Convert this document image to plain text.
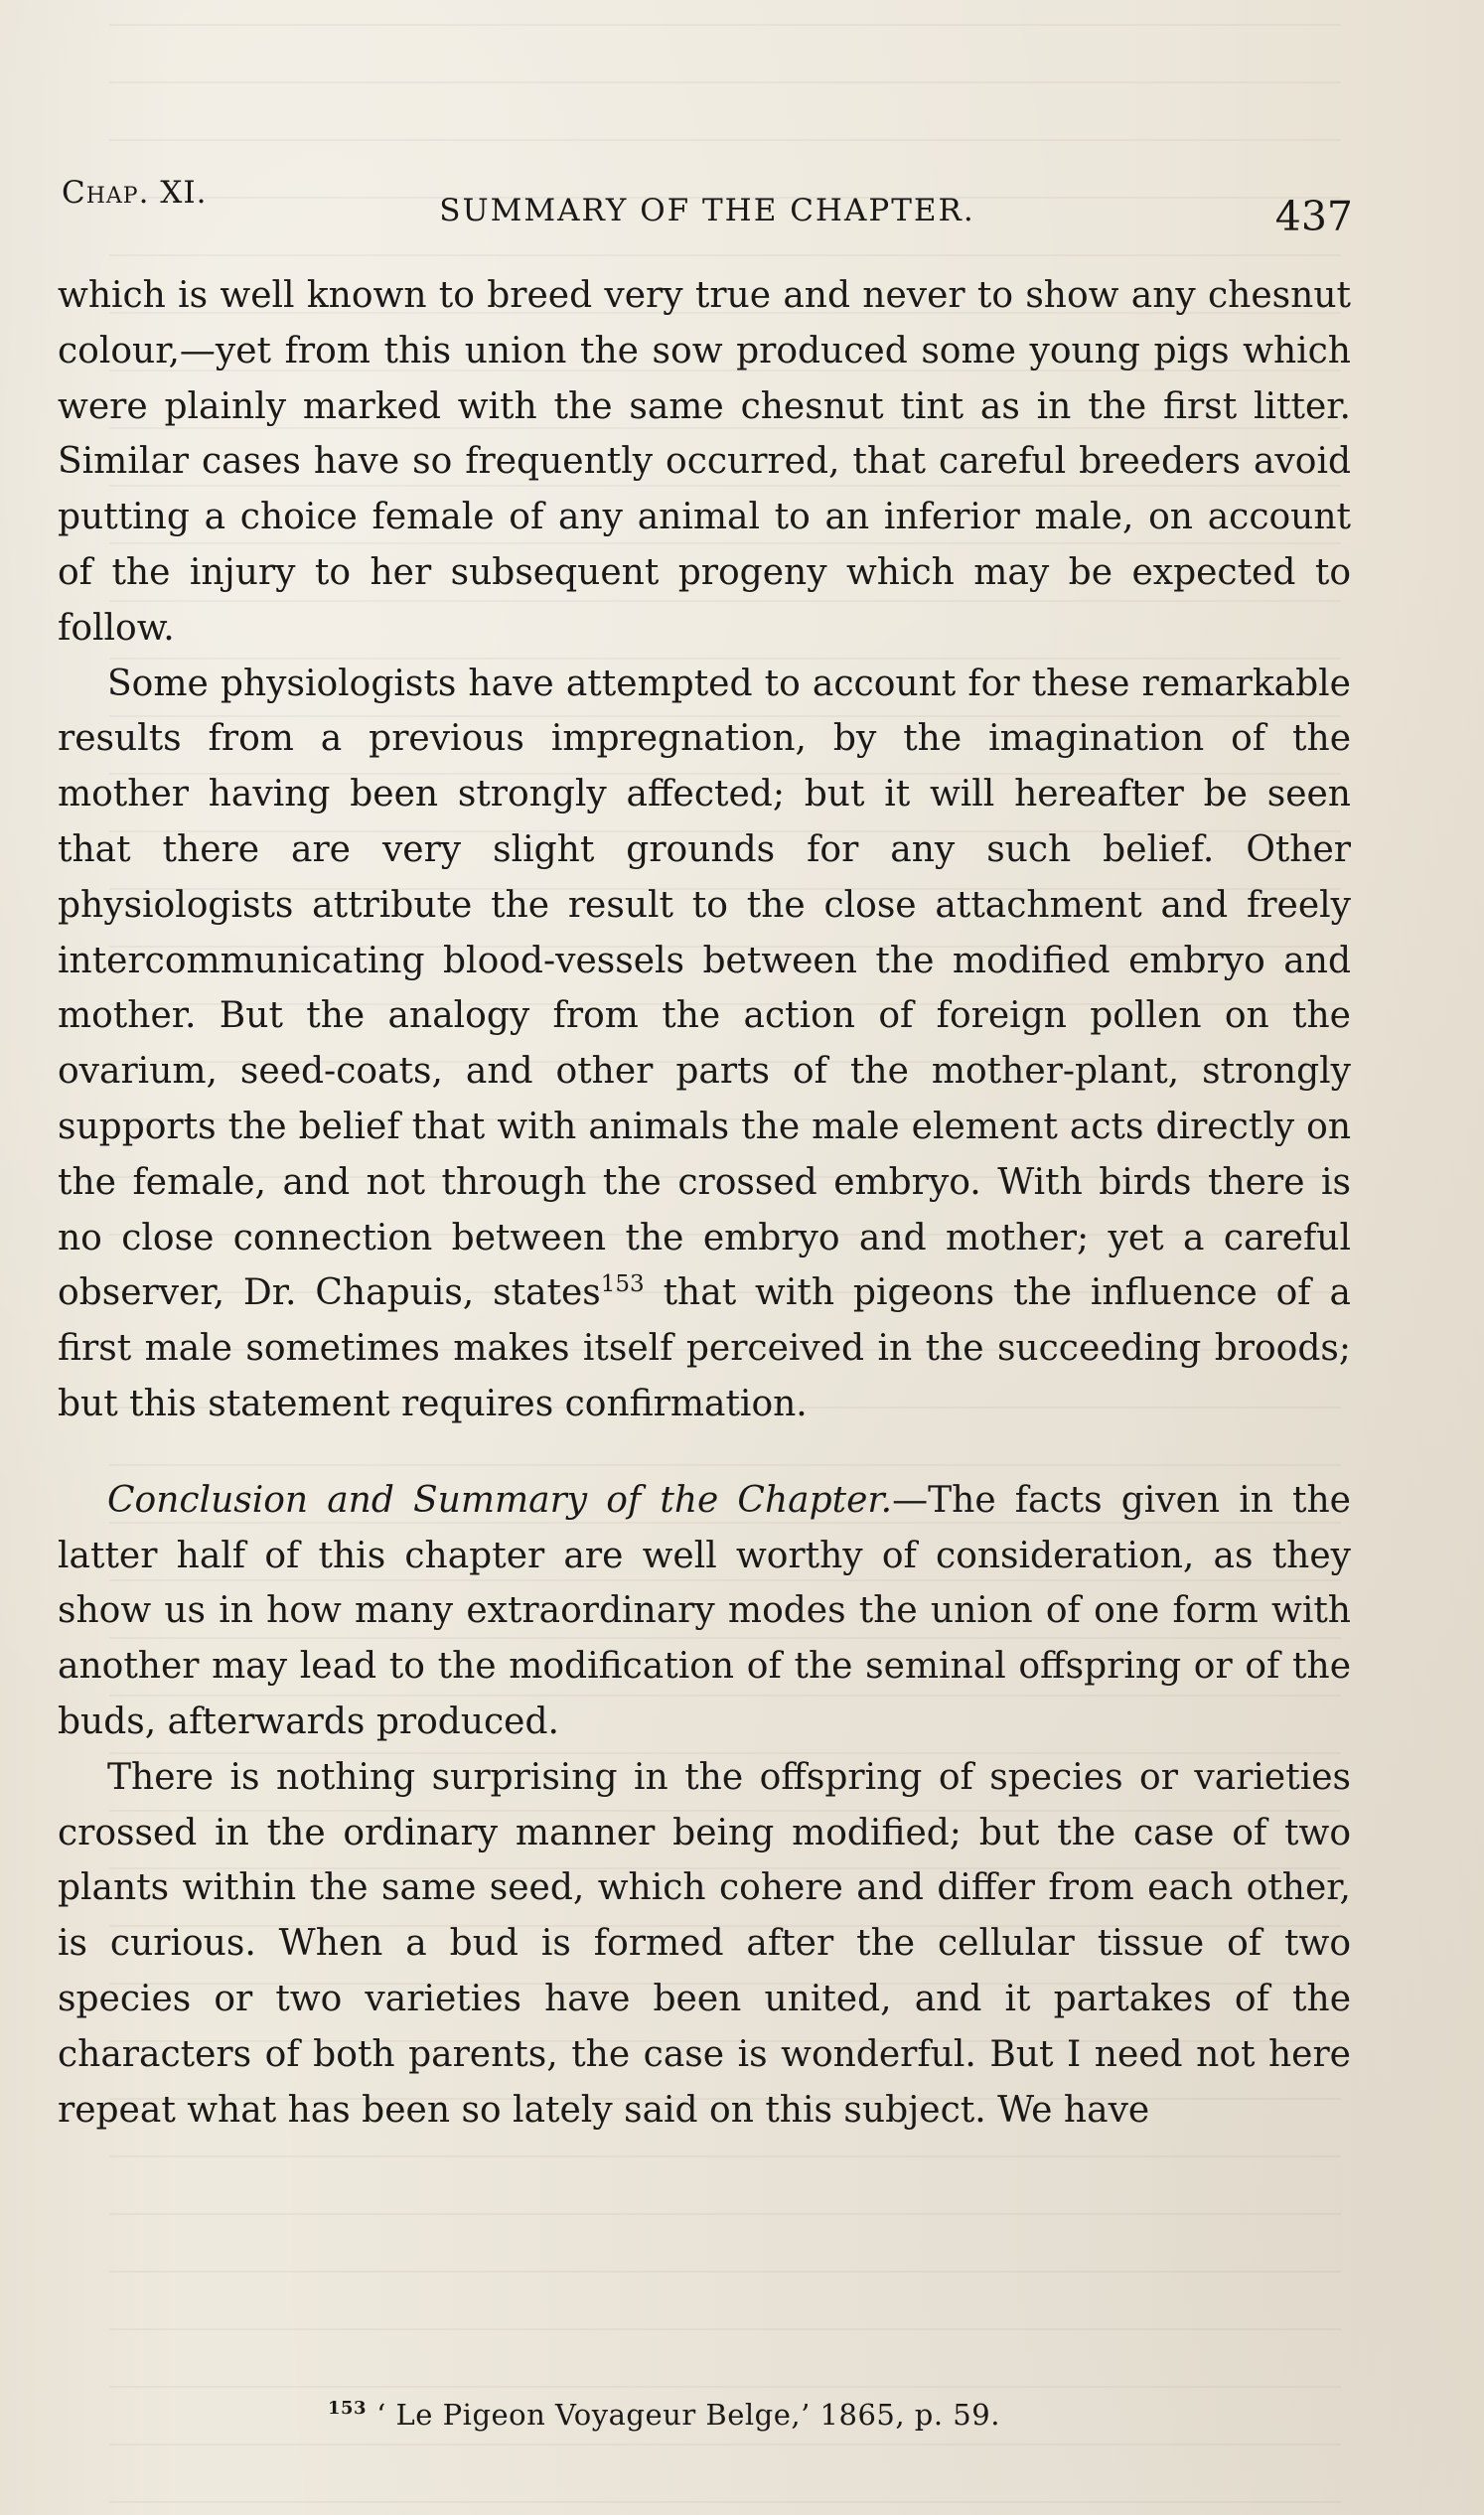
Chap. XI.	SUMMARY OF THE CHAPTER.	437

which is well known to breed very true and never to show any chesnut colour,—yet from this union the sow produced some young pigs which were plainly marked with the same chesnut tint as in the first litter. Similar cases have so frequently occurred, that careful breeders avoid putting a choice female of any animal to an inferior male, on account of the injury to her subsequent progeny which may be expected to follow.

Some physiologists have attempted to account for these remarkable results from a previous impregnation, by the imagination of the mother having been strongly affected; but it will hereafter be seen that there are very slight grounds for any such belief. Other physiologists attribute the result to the close attachment and freely intercommunicating blood-vessels between the modified embryo and mother. But the analogy from the action of foreign pollen on the ovarium, seed-coats, and other parts of the mother-plant, strongly supports the belief that with animals the male element acts directly on the female, and not through the crossed embryo. With birds there is no close connection between the embryo and mother; yet a careful observer, Dr. Chapuis, states$^{153}$ that with pigeons the influence of a first male sometimes makes itself perceived in the succeeding broods; but this statement requires confirmation.

Conclusion and Summary of the Chapter.—The facts given in the latter half of this chapter are well worthy of consideration, as they show us in how many extraordinary modes the union of one form with another may lead to the modification of the seminal offspring or of the buds, afterwards produced.

There is nothing surprising in the offspring of species or varieties crossed in the ordinary manner being modified; but the case of two plants within the same seed, which cohere and differ from each other, is curious. When a bud is formed after the cellular tissue of two species or two varieties have been united, and it partakes of the characters of both parents, the case is wonderful. But I need not here repeat what has been so lately said on this subject. We have

$^{153}$ ‘ Le Pigeon Voyageur Belge,’ 1865, p. 59.
